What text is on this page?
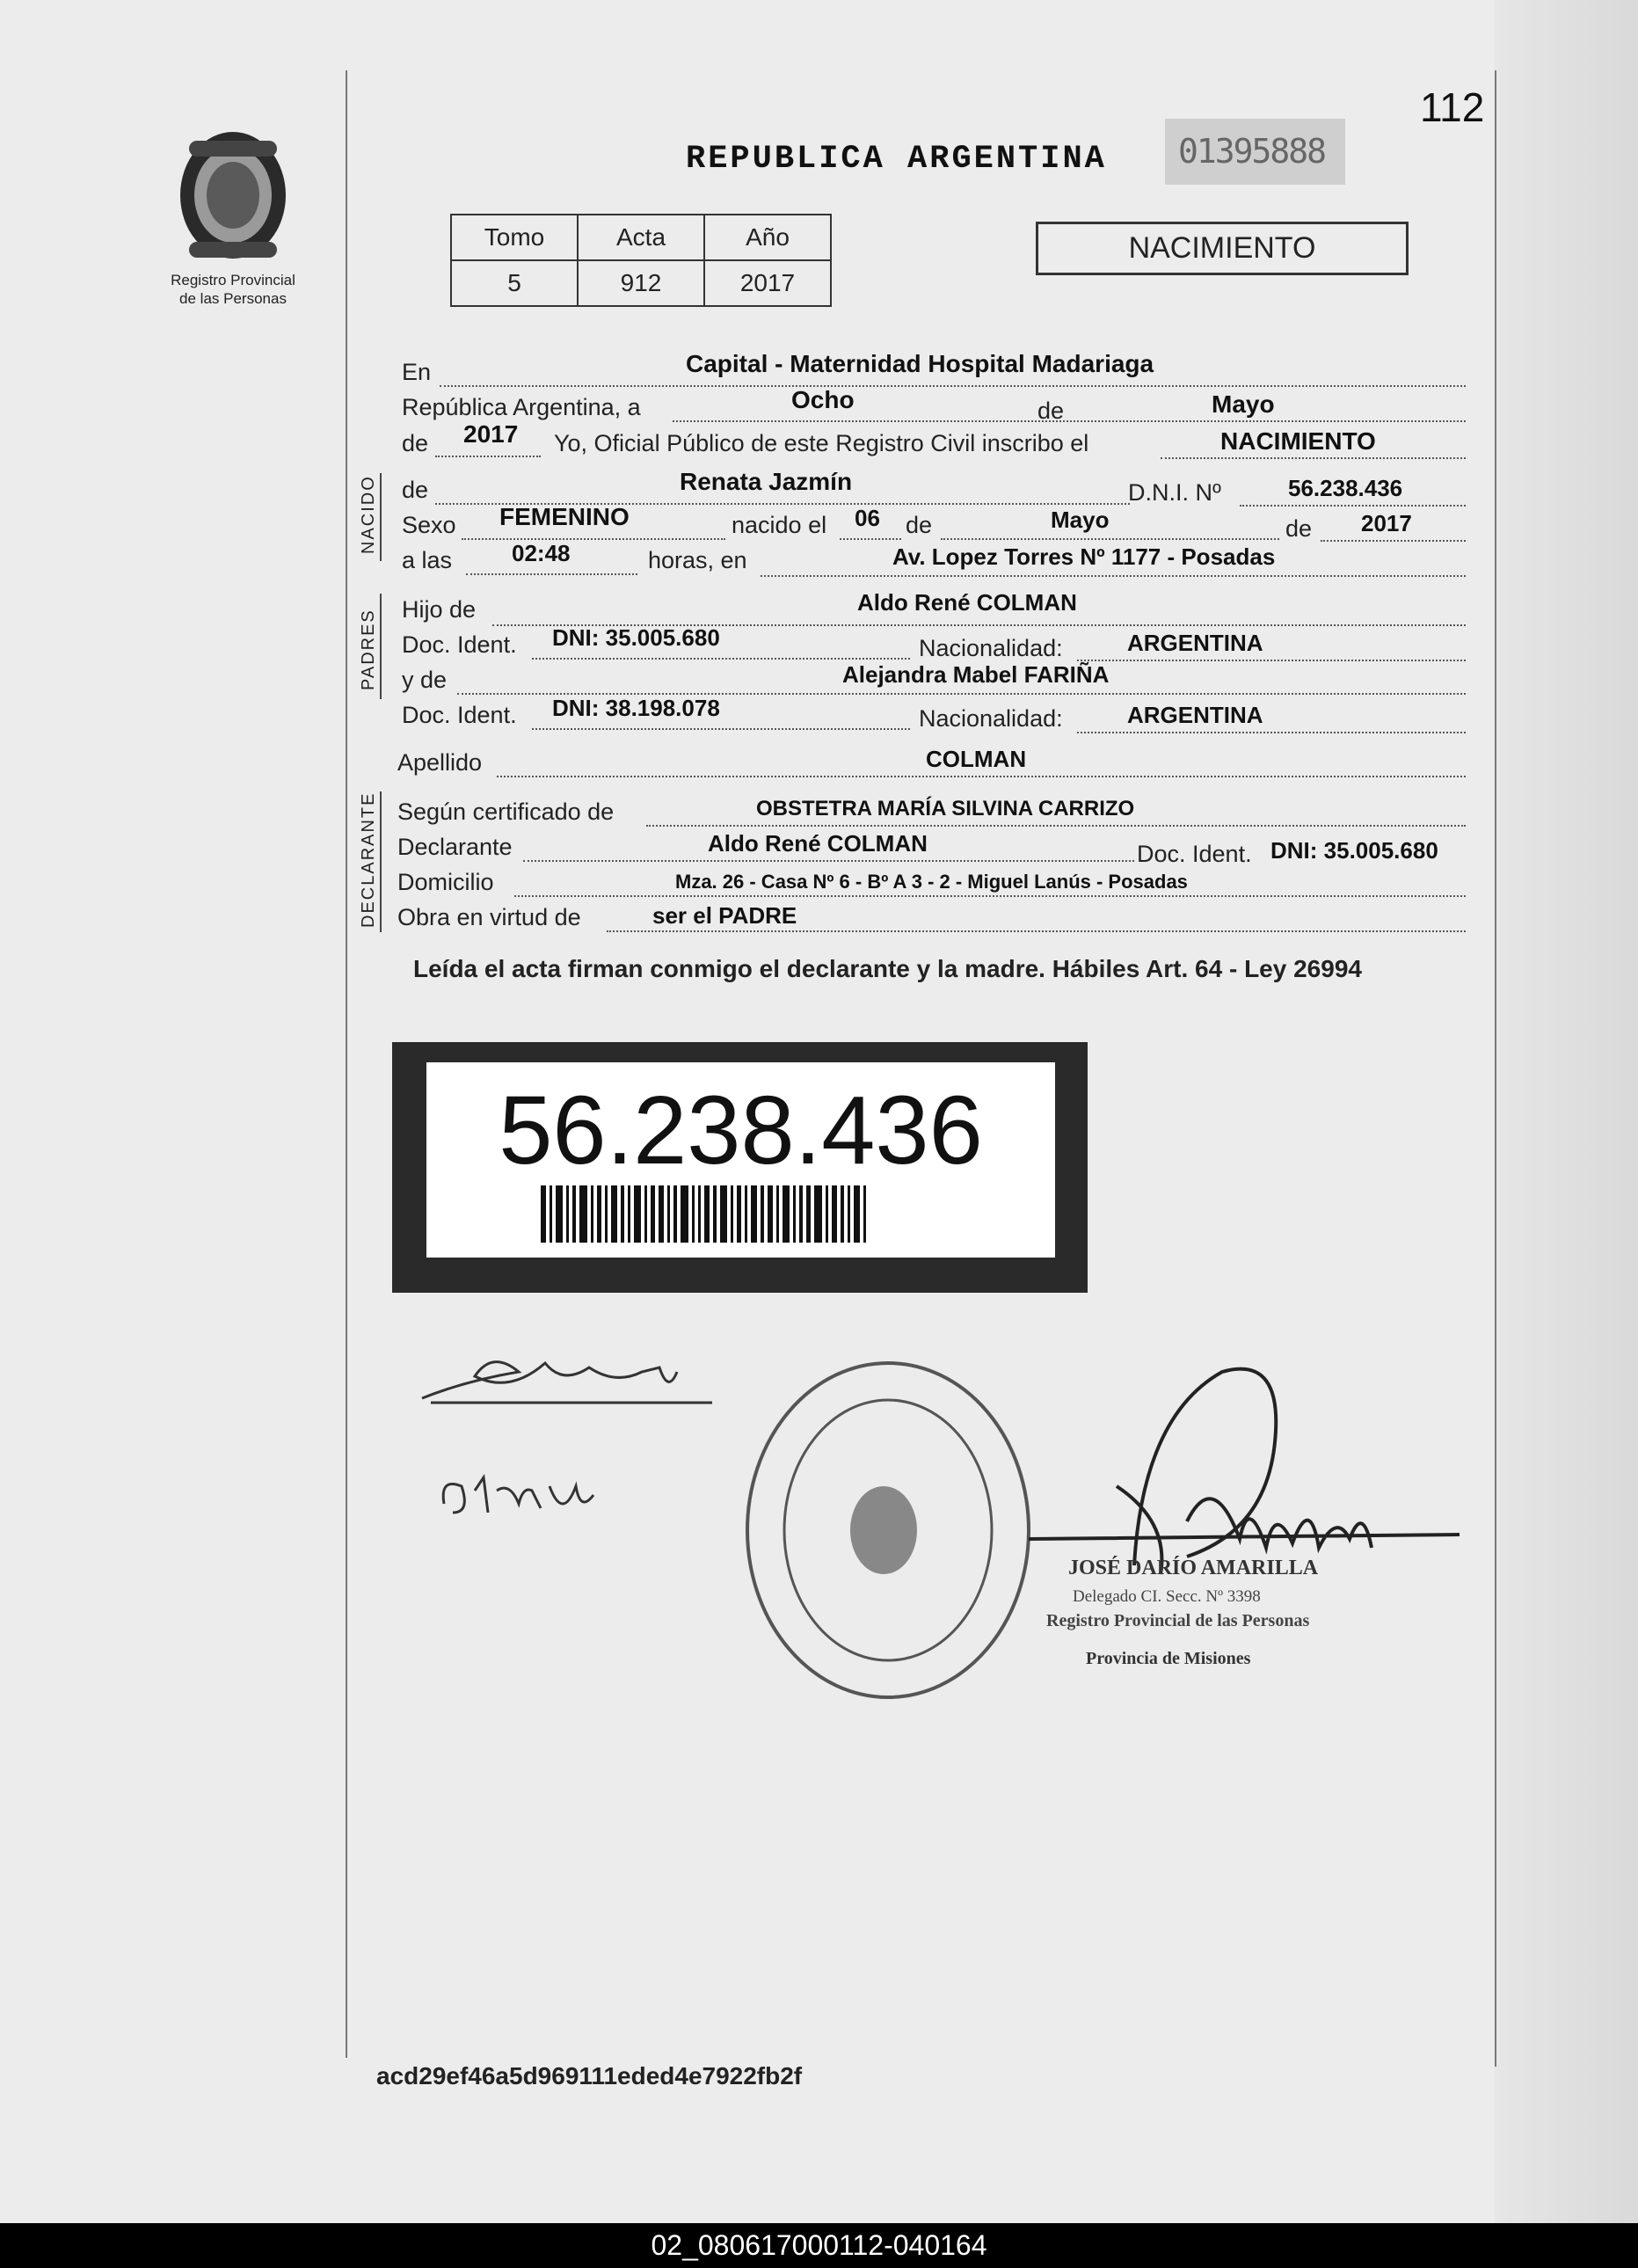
112
Registro Provincial
de las Personas
REPUBLICA ARGENTINA 01395888
Tomo	Acta	Año
5	912	2017
NACIMIENTO
En	Capital - Maternidad Hospital Madariaga
República Argentina, a	Ocho	de	Mayo
de 2017 Yo, Oficial Público de este Registro Civil inscribo el	NACIMIENTO
NACIDO de	Renata Jazmín	D.N.I. Nº	56.238.436
Sexo FEMENINO	nacido el 06 de	Mayo	de 2017
a las	02:48	horas, en	Av. Lopez Torres Nº 1177 - Posadas
PADRES Hijo de	Aldo René COLMAN
Doc. Ident. DNI: 35.005.680	Nacionalidad:	ARGENTINA
y de	Alejandra Mabel FARIÑA
Doc. Ident. DNI: 38.198.078	Nacionalidad:	ARGENTINA
Apellido	COLMAN
DECLARANTE Según certificado de	OBSTETRA MARÍA SILVINA CARRIZO
Declarante	Aldo René COLMAN	Doc. Ident. DNI: 35.005.680
Domicilio	Mza. 26 - Casa Nº 6 - Bº A 3 - 2 - Miguel Lanús - Posadas
Obra en virtud de	ser el PADRE
Leída el acta firman conmigo el declarante y la madre. Hábiles Art. 64 - Ley 26994
56.238.436
JOSÉ DARÍO AMARILLA
Delegado CI. Secc. Nº 3398
Registro Provincial de las Personas
Provincia de Misiones
acd29ef46a5d969111eded4e7922fb2f
02_080617000112-040164
